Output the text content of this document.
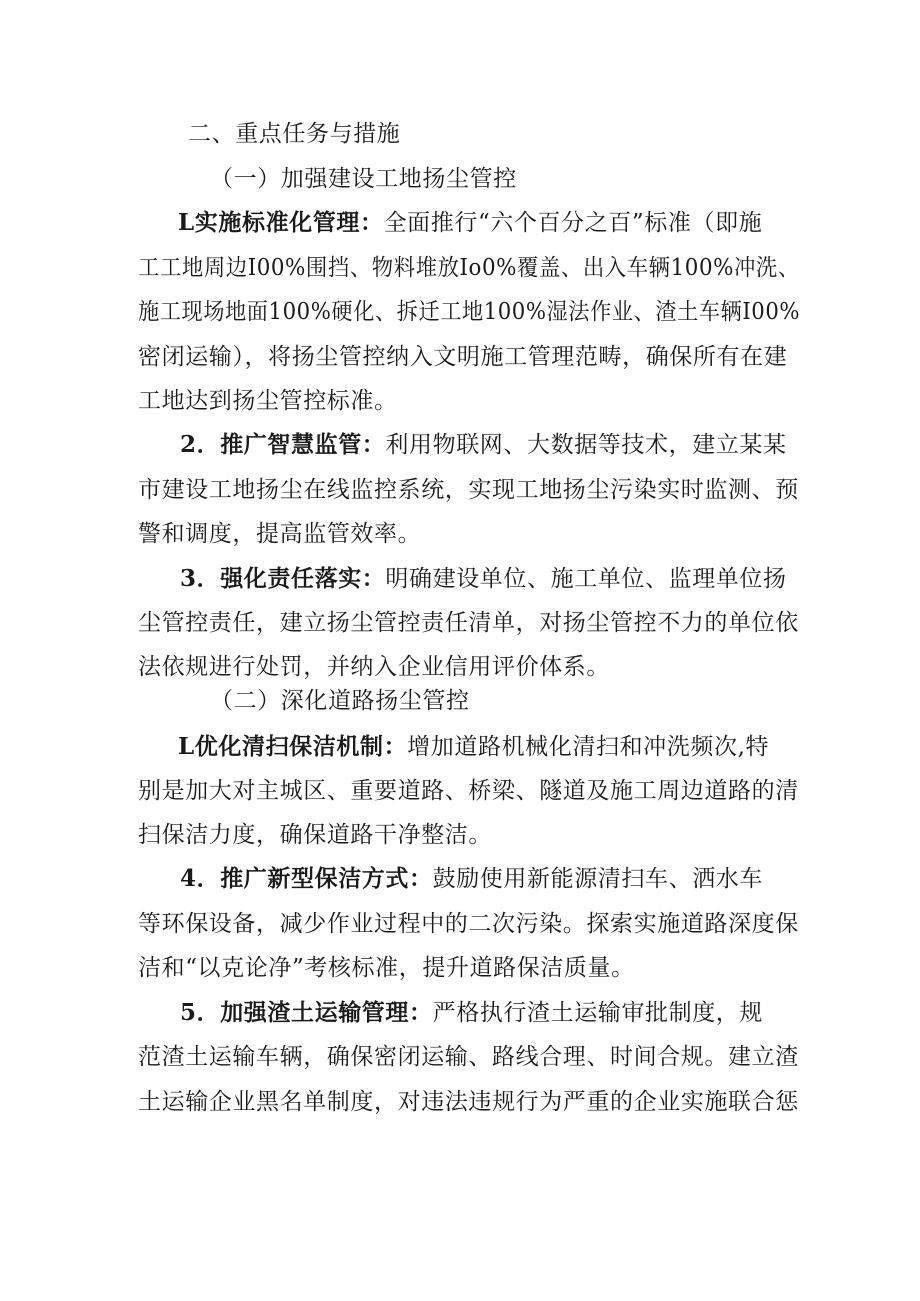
二、重点任务与措施

（一）加强建设工地扬尘管控

L实施标准化管理：全面推行“六个百分之百”标准（即施

工工地周边I00%围挡、物料堆放Io0%覆盖、出入车辆100%冲洗、

施工现场地面100%硬化、拆迁工地100%湿法作业、渣土车辆I00%

密闭运输），将扬尘管控纳入文明施工管理范畴，确保所有在建

工地达到扬尘管控标准。

2．推广智慧监管：利用物联网、大数据等技术，建立某某

市建设工地扬尘在线监控系统，实现工地扬尘污染实时监测、预

警和调度，提高监管效率。

3．强化责任落实：明确建设单位、施工单位、监理单位扬

尘管控责任，建立扬尘管控责任清单，对扬尘管控不力的单位依

法依规进行处罚，并纳入企业信用评价体系。

（二）深化道路扬尘管控

L优化清扫保洁机制：增加道路机械化清扫和冲洗频次,特

别是加大对主城区、重要道路、桥梁、隧道及施工周边道路的清

扫保洁力度，确保道路干净整洁。

4．推广新型保洁方式：鼓励使用新能源清扫车、洒水车

等环保设备，减少作业过程中的二次污染。探索实施道路深度保

洁和“以克论净”考核标准，提升道路保洁质量。

5．加强渣土运输管理：严格执行渣土运输审批制度，规

范渣土运输车辆，确保密闭运输、路线合理、时间合规。建立渣

土运输企业黑名单制度，对违法违规行为严重的企业实施联合惩
